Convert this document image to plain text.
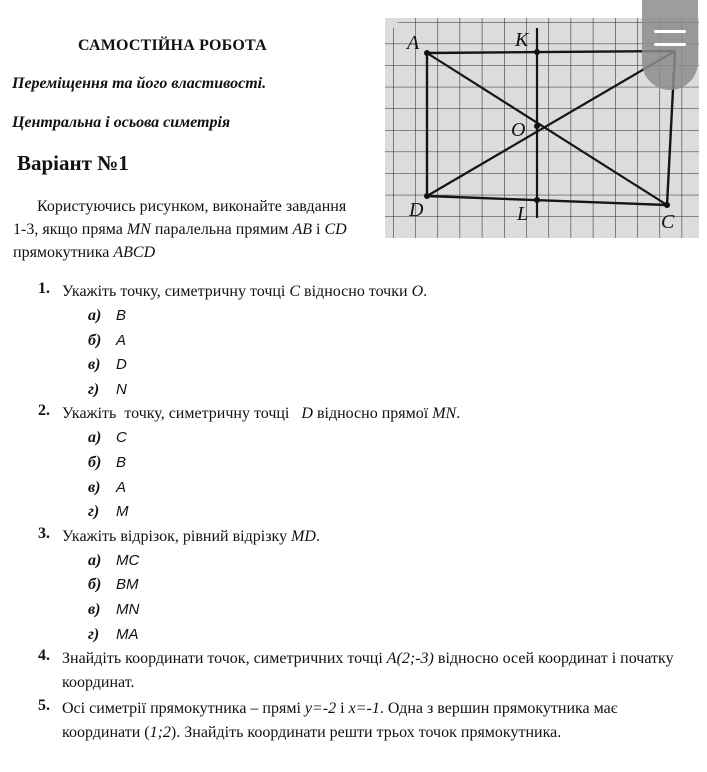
САМОСТІЙНА РОБОТА
Переміщення та його властивості.
Центральна і осьова симетрія
Варіант №1
Користуючись рисунком, виконайте завдання 1-3, якщо пряма MN паралельна прямим AB і CD прямокутника ABCD
A	K
O
D	L	C
1. Укажіть точку, симетричну точці C відносно точки O.
а) B
б) A
в) D
г) N
2. Укажіть  точку, симетричну точці   D відносно прямої MN.
а) C
б) B
в) A
г) M
3. Укажіть відрізок, рівний відрізку MD.
а) MC
б) BM
в) MN
г) MA
4. Знайдіть координати точок, симетричних точці A(2;-3) відносно осей координат і початку координат.
5. Осі симетрії прямокутника – прямі y=-2 і x=-1. Одна з вершин прямокутника має координати (1;2). Знайдіть координати решти трьох точок прямокутника.
